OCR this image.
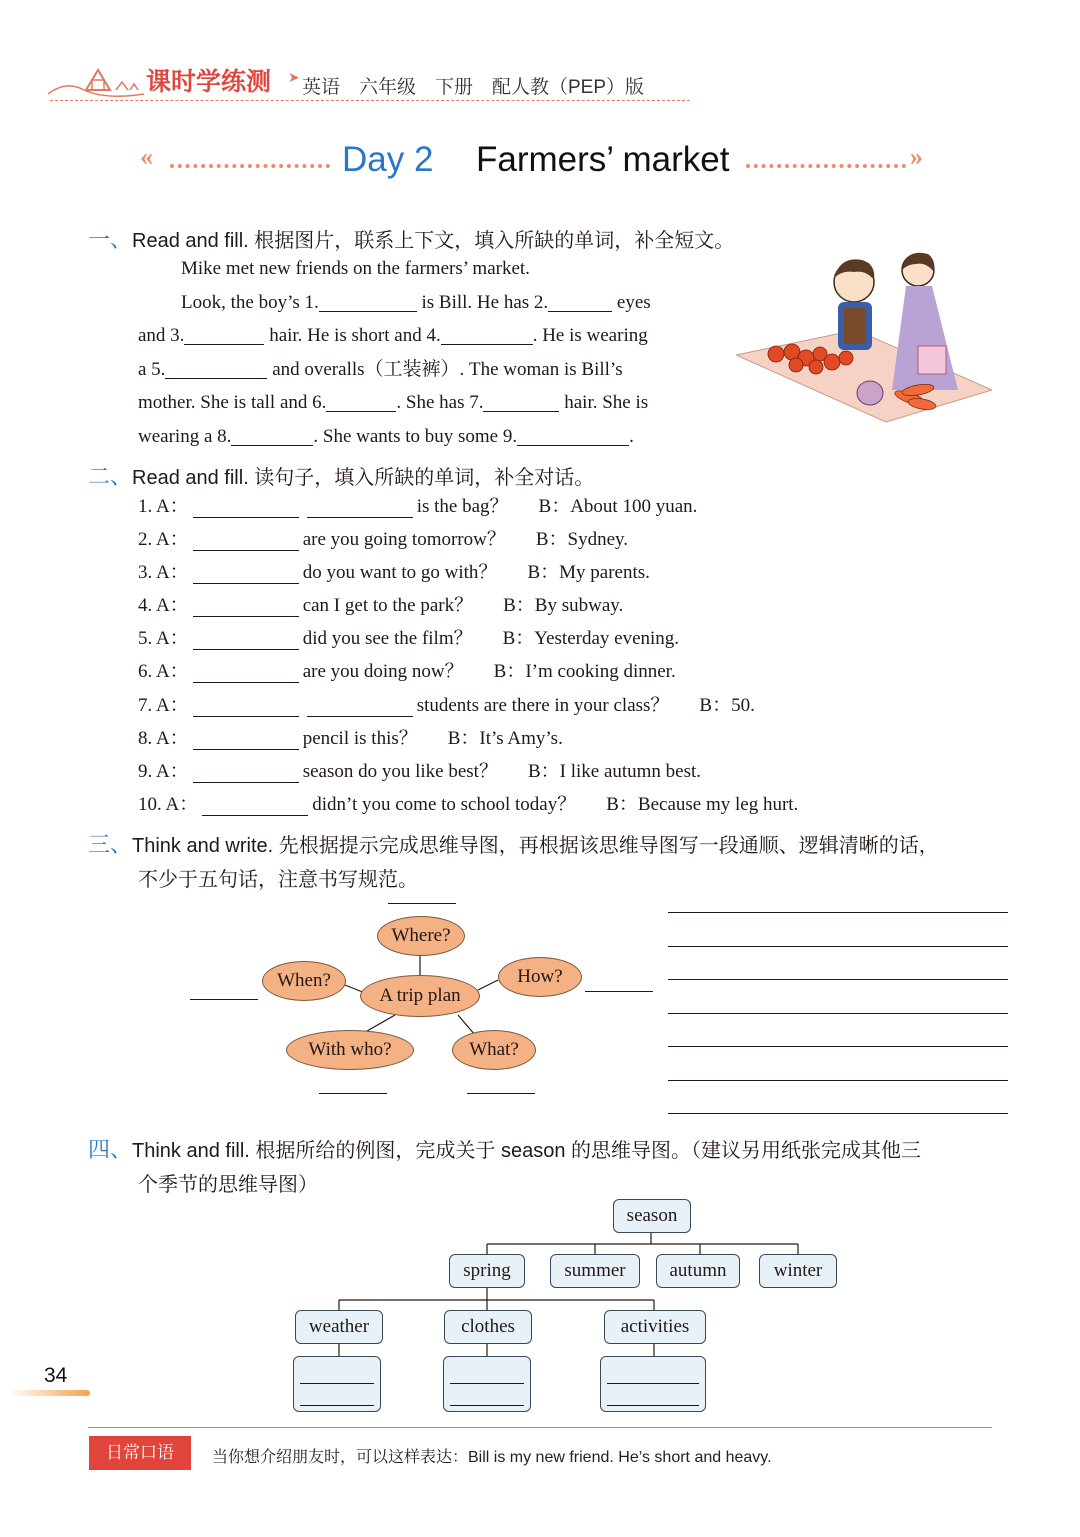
课时学练测 ➤ 英语　六年级　下册　配人教（PEP）版
«	Day 2 Farmers’ market	»
一、Read and fill. 根据图片，联系上下文，填入所缺的单词，补全短文。
Mike met new friends on the farmers’ market.
Look, the boy’s 1.	is Bill. He has 2.	eyes
and 3.	hair. He is short and 4.	. He is wearing
a 5.	and overalls（工装裤）. The woman is Bill’s
mother. She is tall and 6.	. She has 7.	hair. She is
wearing a 8.	. She wants to buy some 9.	.
二、Read and fill. 读句子，填入所缺的单词，补全对话。
1. A：	is the bag？ B：About 100 yuan.
2. A：	are you going tomorrow？ B：Sydney.
3. A：	do you want to go with？ B：My parents.
4. A：	can I get to the park？ B：By subway.
5. A：	did you see the film？ B：Yesterday evening.
6. A：	are you doing now？ B：I’m cooking dinner.
7. A：	students are there in your class？ B：50.
8. A：	pencil is this？ B：It’s Amy’s.
9. A：	season do you like best？ B：I like autumn best.
10. A：	didn’t you come to school today？ B：Because my leg hurt.
三、Think and write. 先根据提示完成思维导图，再根据该思维导图写一段通顺、逻辑清晰的话，
不少于五句话，注意书写规范。
Where?
When?
A trip plan
How?
With who?	What?
四、Think and fill. 根据所给的例图，完成关于 season 的思维导图。（建议另用纸张完成其他三
个季节的思维导图）
season
spring	summer	autumn	winter
weather	clothes	activities
34
日常口语	当你想介绍朋友时，可以这样表达：Bill is my new friend. He’s short and heavy.
